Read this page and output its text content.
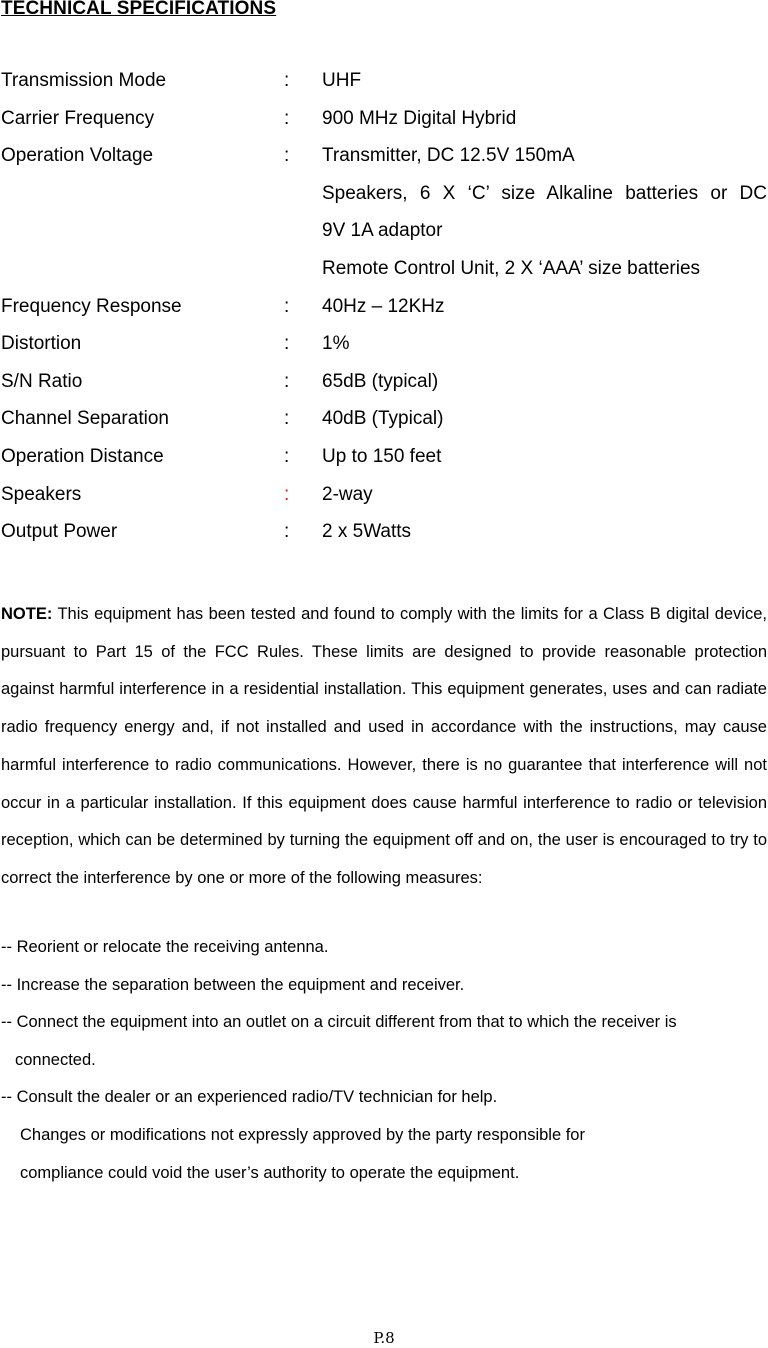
TECHNICAL SPECIFICATIONS
Transmission Mode	: UHF
Carrier Frequency	: 900 MHz Digital Hybrid
Operation Voltage	: Transmitter, DC 12.5V 150mA
Speakers, 6 X ‘C’ size Alkaline batteries or DC
9V 1A adaptor
Remote Control Unit, 2 X ‘AAA’ size batteries
Frequency Response	: 40Hz – 12KHz
Distortion	: 1%
S/N Ratio	: 65dB (typical)
Channel Separation	: 40dB (Typical)
Operation Distance	: Up to 150 feet
Speakers	: 2-way
Output Power	: 2 x 5Watts
NOTE: This equipment has been tested and found to comply with the limits for a Class B digital device, pursuant to Part 15 of the FCC Rules. These limits are designed to provide reasonable protection against harmful interference in a residential installation. This equipment generates, uses and can radiate radio frequency energy and, if not installed and used in accordance with the instructions, may cause harmful interference to radio communications. However, there is no guarantee that interference will not occur in a particular installation. If this equipment does cause harmful interference to radio or television reception, which can be determined by turning the equipment off and on, the user is encouraged to try to correct the interference by one or more of the following measures:
-- Reorient or relocate the receiving antenna.
-- Increase the separation between the equipment and receiver.
-- Connect the equipment into an outlet on a circuit different from that to which the receiver is
connected.
-- Consult the dealer or an experienced radio/TV technician for help.
Changes or modifications not expressly approved by the party responsible for
compliance could void the user’s authority to operate the equipment.
P.8
